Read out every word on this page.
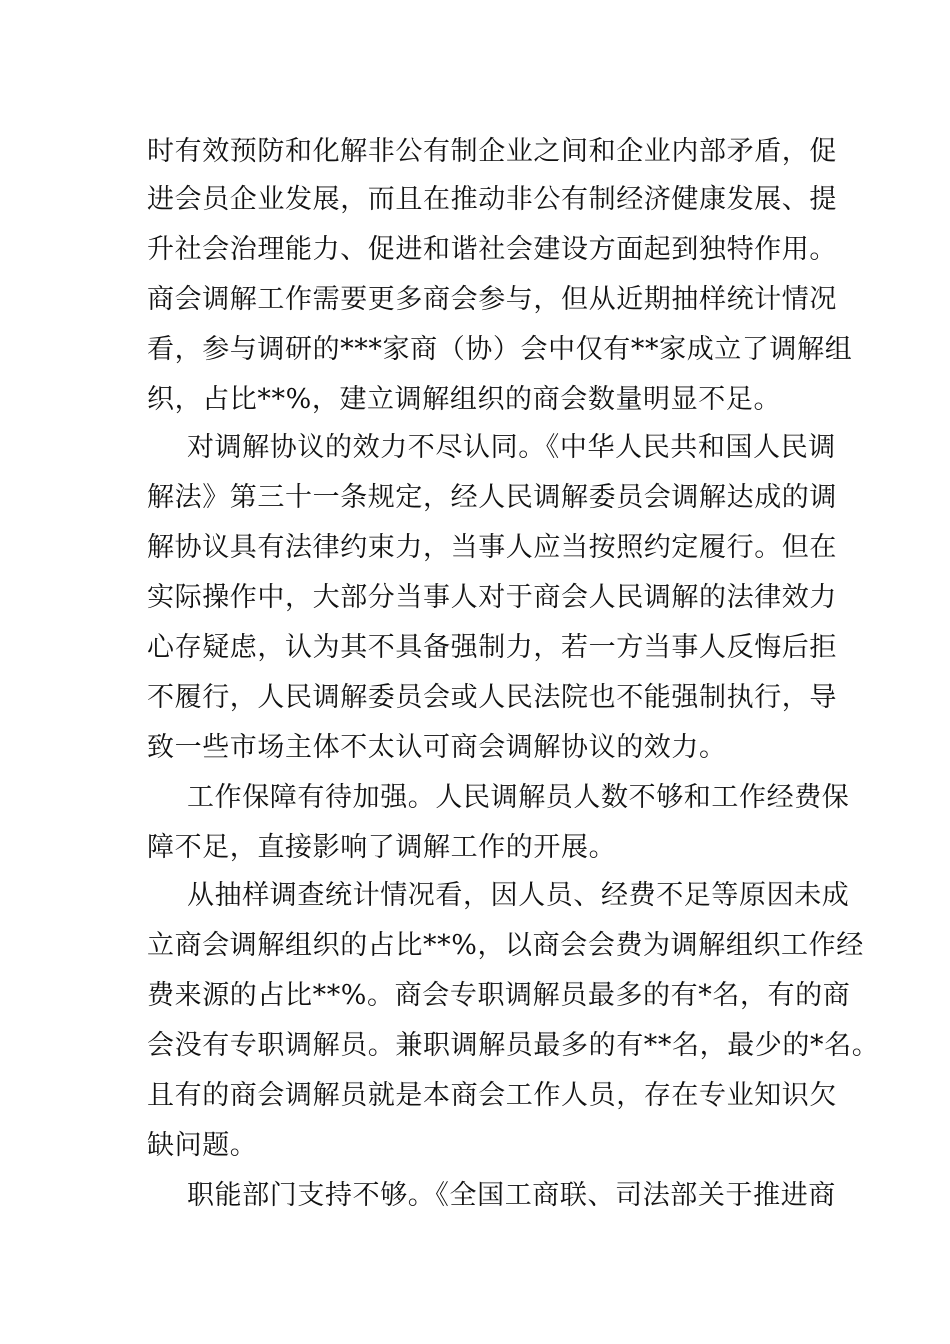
时有效预防和化解非公有制企业之间和企业内部矛盾，促
进会员企业发展，而且在推动非公有制经济健康发展、提
升社会治理能力、促进和谐社会建设方面起到独特作用。
商会调解工作需要更多商会参与，但从近期抽样统计情况
看，参与调研的***家商（协）会中仅有**家成立了调解组
织，占比**%，建立调解组织的商会数量明显不足。
对调解协议的效力不尽认同。《中华人民共和国人民调
解法》第三十一条规定，经人民调解委员会调解达成的调
解协议具有法律约束力，当事人应当按照约定履行。但在
实际操作中，大部分当事人对于商会人民调解的法律效力
心存疑虑，认为其不具备强制力，若一方当事人反悔后拒
不履行，人民调解委员会或人民法院也不能强制执行，导
致一些市场主体不太认可商会调解协议的效力。
工作保障有待加强。人民调解员人数不够和工作经费保
障不足，直接影响了调解工作的开展。
从抽样调查统计情况看，因人员、经费不足等原因未成
立商会调解组织的占比**%，以商会会费为调解组织工作经
费来源的占比**%。商会专职调解员最多的有*名，有的商
会没有专职调解员。兼职调解员最多的有**名，最少的*名。
且有的商会调解员就是本商会工作人员，存在专业知识欠
缺问题。
职能部门支持不够。《全国工商联、司法部关于推进商
